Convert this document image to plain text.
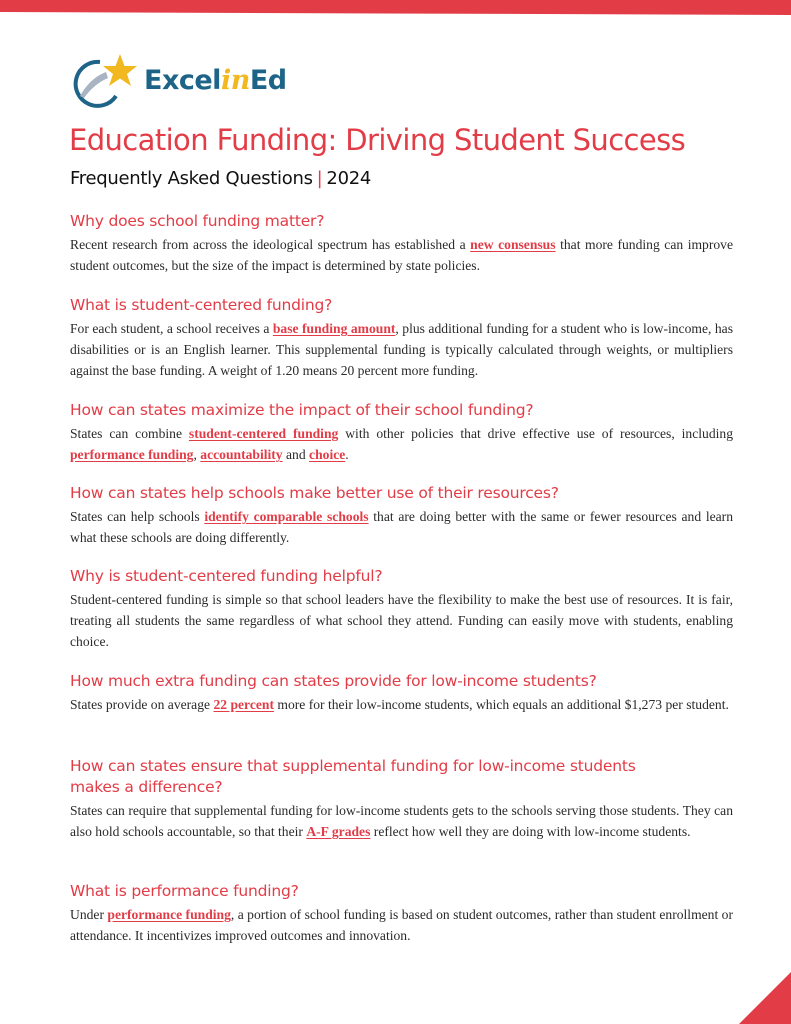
ExcelinEd
Education Funding: Driving Student Success
Frequently Asked Questions | 2024
Why does school funding matter?

Recent research from across the ideological spectrum has established a new consensus that more funding can improve student outcomes, but the size of the impact is determined by state policies.

What is student-centered funding?

For each student, a school receives a base funding amount, plus additional funding for a student who is low-income, has disabilities or is an English learner. This supplemental funding is typically calculated through weights, or multipliers against the base funding. A weight of 1.20 means 20 percent more funding.

How can states maximize the impact of their school funding?

States can combine student-centered funding with other policies that drive effective use of resources, including performance funding, accountability and choice.

How can states help schools make better use of their resources?

States can help schools identify comparable schools that are doing better with the same or fewer resources and learn what these schools are doing differently.

Why is student-centered funding helpful?

Student-centered funding is simple so that school leaders have the flexibility to make the best use of resources. It is fair, treating all students the same regardless of what school they attend. Funding can easily move with students, enabling choice.

How much extra funding can states provide for low-income students?

States provide on average 22 percent more for their low-income students, which equals an additional $1,273 per student.

How can states ensure that supplemental funding for low-income students makes a difference?

States can require that supplemental funding for low-income students gets to the schools serving those students. They can also hold schools accountable, so that their A-F grades reflect how well they are doing with low-income students.

What is performance funding?

Under performance funding, a portion of school funding is based on student outcomes, rather than student enrollment or attendance. It incentivizes improved outcomes and innovation.
